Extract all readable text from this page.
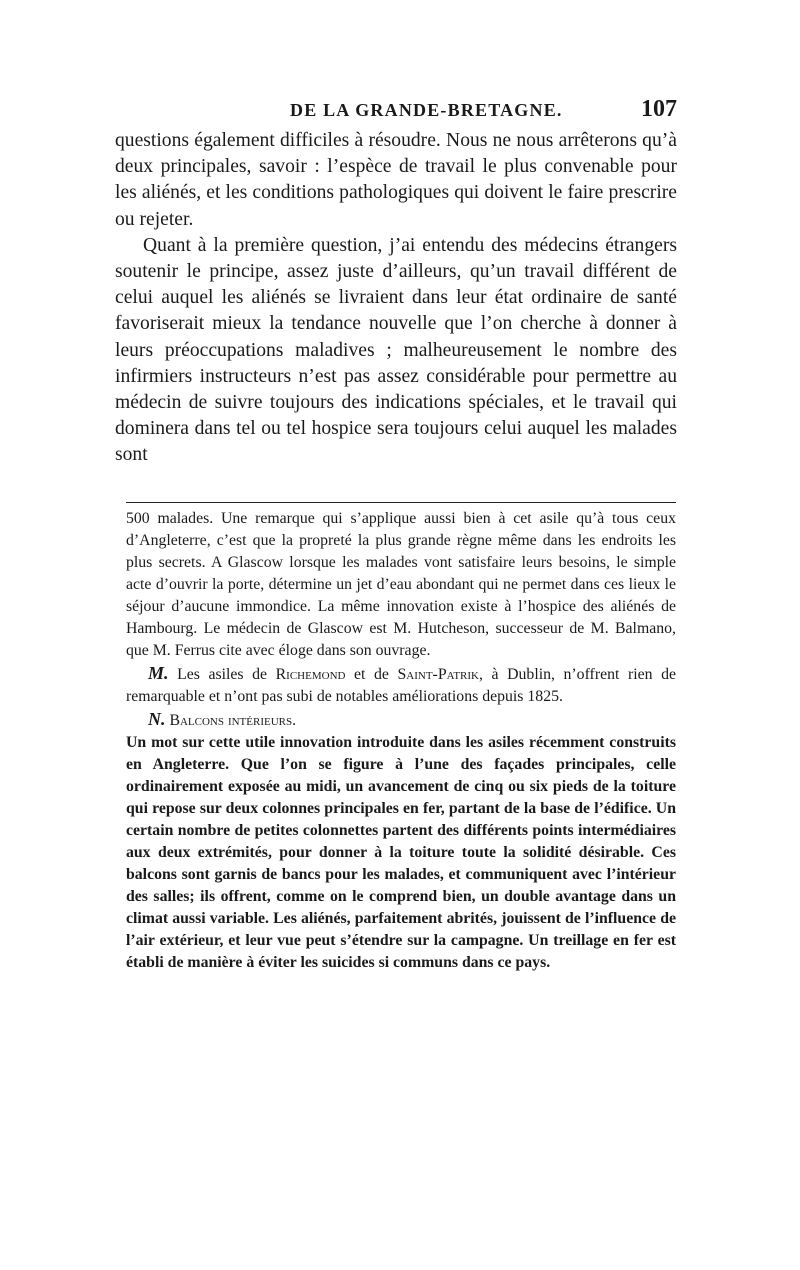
DE LA GRANDE-BRETAGNE.	107

questions également difficiles à résoudre. Nous ne nous arrêterons qu’à deux principales, savoir : l’espèce de travail le plus convenable pour les aliénés, et les conditions pathologiques qui doivent le faire prescrire ou rejeter.

Quant à la première question, j’ai entendu des médecins étrangers soutenir le principe, assez juste d’ailleurs, qu’un travail différent de celui auquel les aliénés se livraient dans leur état ordinaire de santé favoriserait mieux la tendance nouvelle que l’on cherche à donner à leurs préoccupations maladives ; malheureusement le nombre des infirmiers instructeurs n’est pas assez considérable pour permettre au médecin de suivre toujours des indications spéciales, et le travail qui dominera dans tel ou tel hospice sera toujours celui auquel les malades sont

500 malades. Une remarque qui s’applique aussi bien à cet asile qu’à tous ceux d’Angleterre, c’est que la propreté la plus grande règne même dans les endroits les plus secrets. A Glascow lorsque les malades vont satisfaire leurs besoins, le simple acte d’ouvrir la porte, détermine un jet d’eau abondant qui ne permet dans ces lieux le séjour d’aucune immondice. La même innovation existe à l’hospice des aliénés de Hambourg. Le médecin de Glascow est M. Hutcheson, successeur de M. Balmano, que M. Ferrus cite avec éloge dans son ouvrage.

M. Les asiles de Richemond et de Saint-Patrik, à Dublin, n’offrent rien de remarquable et n’ont pas subi de notables améliorations depuis 1825.

N. Balcons intérieurs.

Un mot sur cette utile innovation introduite dans les asiles récemment construits en Angleterre. Que l’on se figure à l’une des façades principales, celle ordinairement exposée au midi, un avancement de cinq ou six pieds de la toiture qui repose sur deux colonnes principales en fer, partant de la base de l’édifice. Un certain nombre de petites colonnettes partent des différents points intermédiaires aux deux extrémités, pour donner à la toiture toute la solidité désirable. Ces balcons sont garnis de bancs pour les malades, et communiquent avec l’intérieur des salles; ils offrent, comme on le comprend bien, un double avantage dans un climat aussi variable. Les aliénés, parfaitement abrités, jouissent de l’influence de l’air extérieur, et leur vue peut s’étendre sur la campagne. Un treillage en fer est établi de manière à éviter les suicides si communs dans ce pays.
